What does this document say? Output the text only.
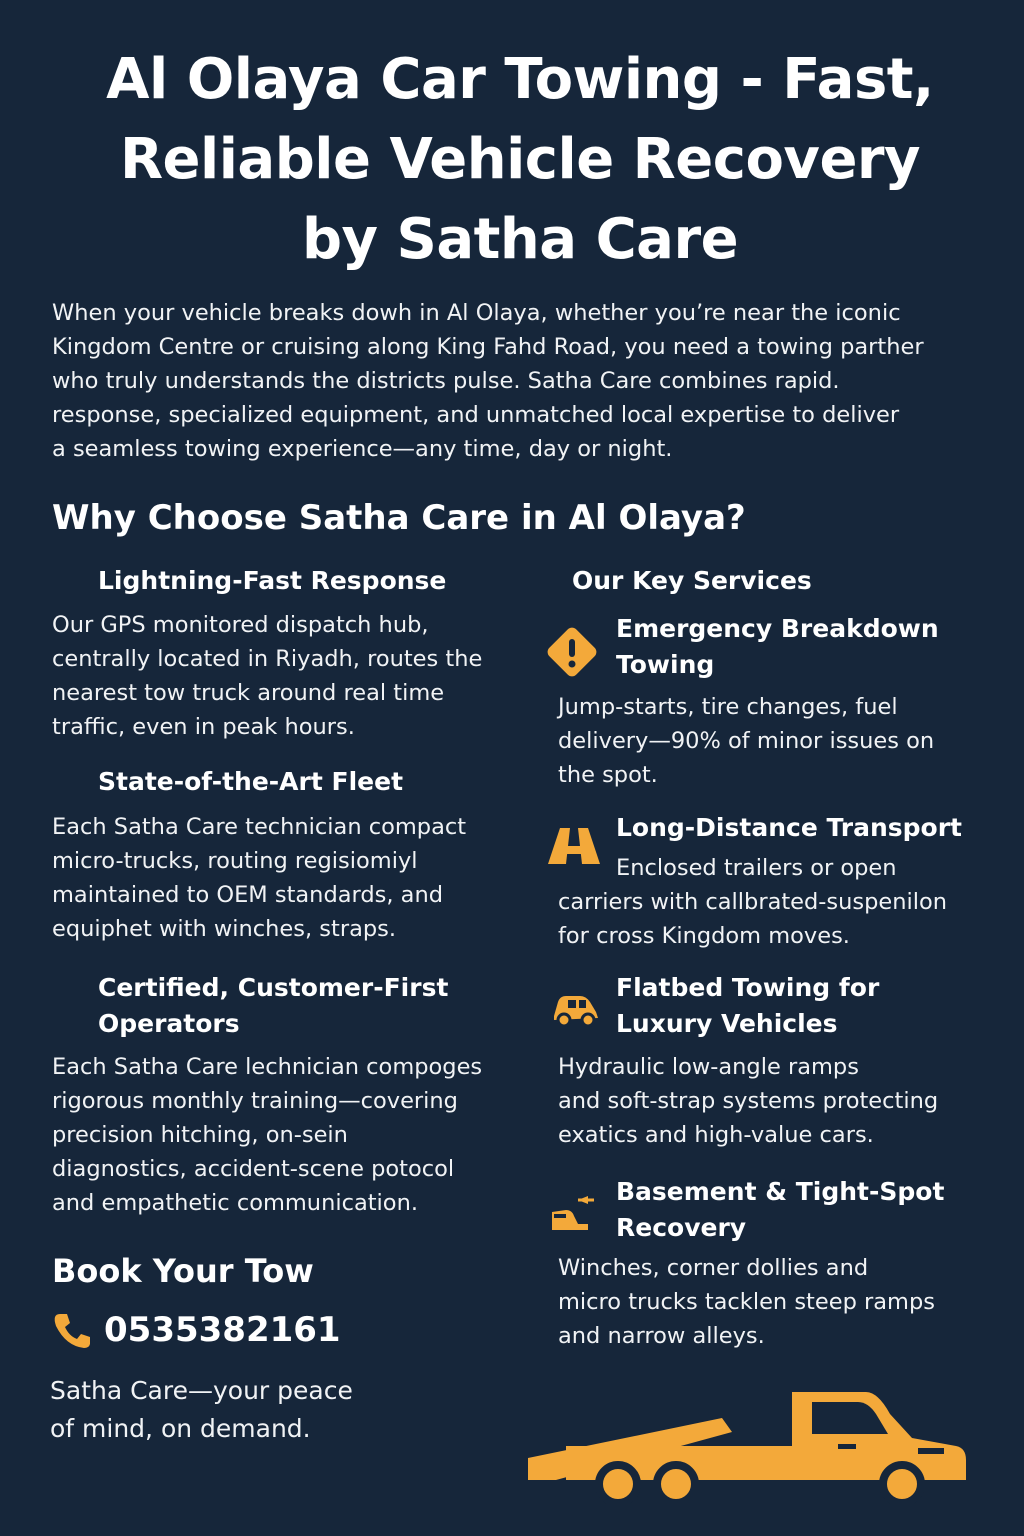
Al Olaya Car Towing - Fast,
Reliable Vehicle Recovery
by Satha Care

When your vehicle breaks dowh in Al Olaya, whether you’re near the iconic
Kingdom Centre or cruising along King Fahd Road, you need a towing parther
who truly understands the districts pulse. Satha Care combines rapid.
response, specialized equipment, and unmatched local expertise to deliver
a seamless towing experience—any time, day or night.

Why Choose Satha Care in Al Olaya?
Lightning-Fast Response

Our GPS monitored dispatch hub,
centrally located in Riyadh, routes the
nearest tow truck around real time
traffic, even in peak hours.

State-of-the-Art Fleet

Each Satha Care technician compact
micro-trucks, routing regisiomiyl
maintained to OEM standards, and
equiphet with winches, straps.

Certified, Customer-First
Operators

Each Satha Care lechnician compoges
rigorous monthly training—covering
precision hitching, on-sein
diagnostics, accident-scene potocol
and empathetic communication.

Our Key Services
Emergency Breakdown
Towing

Jump-starts, tire changes, fuel
delivery—90% of minor issues on
the spot.

Long-Distance Transport

Enclosed trailers or open

carriers with callbrated-suspenilon
for cross Kingdom moves.

Flatbed Towing for
Luxury Vehicles

Hydraulic low-angle ramps
and soft-strap systems protecting
exatics and high-value cars.

Basement & Tight-Spot
Recovery

Winches, corner dollies and
micro trucks tacklen steep ramps
and narrow alleys.

Book Your Tow
0535382161

Satha Care—your peace
of mind, on demand.
